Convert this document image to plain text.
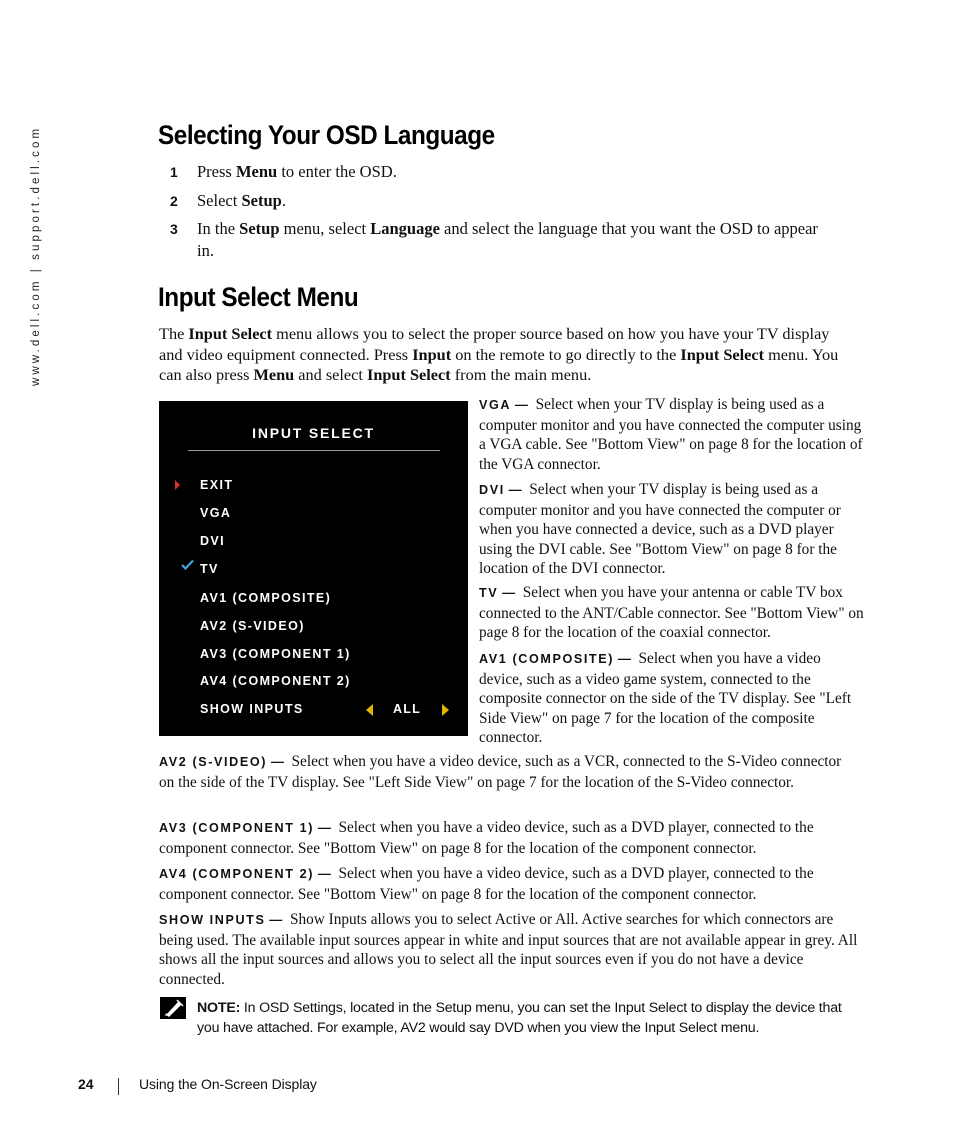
www.dell.com | support.dell.com	Selecting Your OSD Language
1 Press Menu to enter the OSD.
2 Select Setup.
3 In the Setup menu, select Language and select the language that you want the OSD to appear in.
Input Select Menu
The Input Select menu allows you to select the proper source based on how you have your TV display and video equipment connected. Press Input on the remote to go directly to the Input Select menu. You can also press Menu and select Input Select from the main menu.
INPUT SELECT
EXIT
VGA
DVI
TV
AV1 (COMPOSITE)
AV2 (S-VIDEO)
AV3 (COMPONENT 1)
AV4 (COMPONENT 2)
SHOW INPUTS	ALL
VGA — Select when your TV display is being used as a computer monitor and you have connected the computer using a VGA cable. See "Bottom View" on page 8 for the location of the VGA connector.
DVI — Select when your TV display is being used as a computer monitor and you have connected the computer or when you have connected a device, such as a DVD player using the DVI cable. See "Bottom View" on page 8 for the location of the DVI connector.
TV — Select when you have your antenna or cable TV box connected to the ANT/Cable connector. See "Bottom View" on page 8 for the location of the coaxial connector.
AV1 (COMPOSITE) — Select when you have a video device, such as a video game system, connected to the composite connector on the side of the TV display. See "Left Side View" on page 7 for the location of the composite connector.
AV2 (S-VIDEO) — Select when you have a video device, such as a VCR, connected to the S-Video connector on the side of the TV display. See "Left Side View" on page 7 for the location of the S-Video connector.
AV3 (COMPONENT 1) — Select when you have a video device, such as a DVD player, connected to the component connector. See "Bottom View" on page 8 for the location of the component connector.
AV4 (COMPONENT 2) — Select when you have a video device, such as a DVD player, connected to the component connector. See "Bottom View" on page 8 for the location of the component connector.
SHOW INPUTS — Show Inputs allows you to select Active or All. Active searches for which connectors are being used. The available input sources appear in white and input sources that are not available appear in grey. All shows all the input sources and allows you to select all the input sources even if you do not have a device connected.
NOTE: In OSD Settings, located in the Setup menu, you can set the Input Select to display the device that you have attached. For example, AV2 would say DVD when you view the Input Select menu.
24	Using the On-Screen Display
